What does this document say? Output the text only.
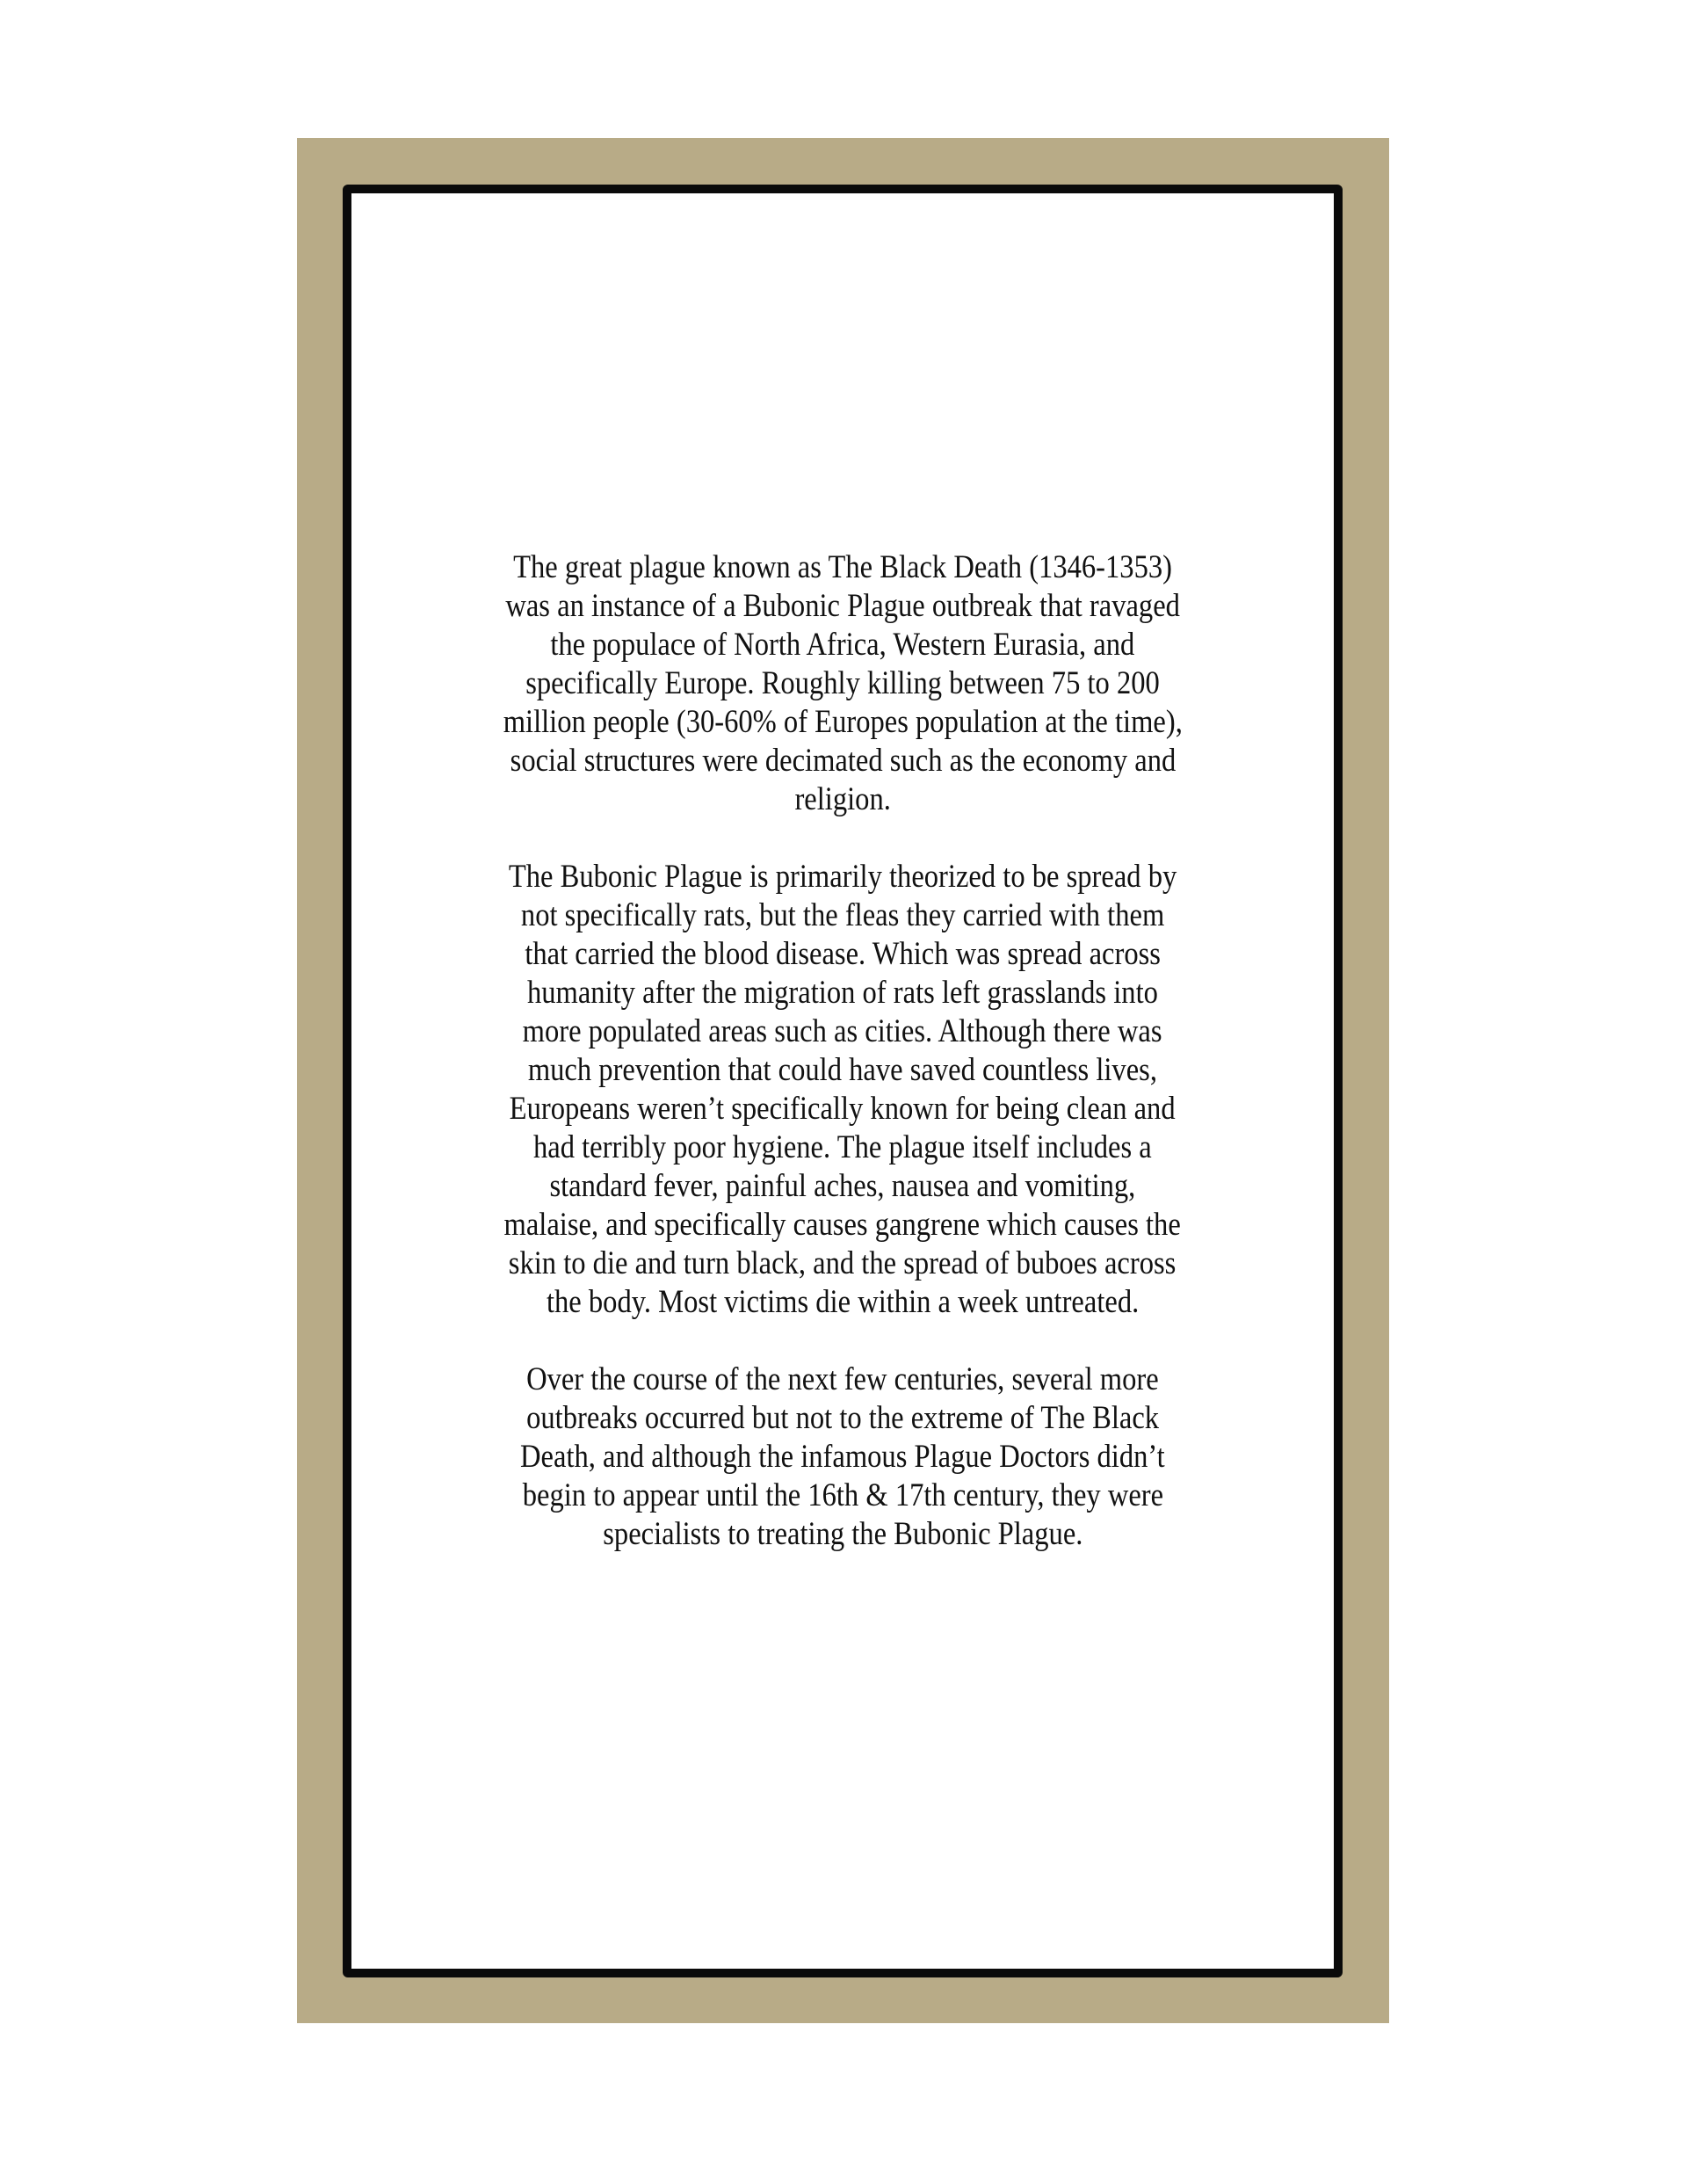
The great plague known as The Black Death (1346-1353)
was an instance of a Bubonic Plague outbreak that ravaged
the populace of North Africa, Western Eurasia, and
specifically Europe. Roughly killing between 75 to 200
million people (30-60% of Europes population at the time),
social structures were decimated such as the economy and
religion.

The Bubonic Plague is primarily theorized to be spread by
not specifically rats, but the fleas they carried with them
that carried the blood disease. Which was spread across
humanity after the migration of rats left grasslands into
more populated areas such as cities. Although there was
much prevention that could have saved countless lives,
Europeans weren’t specifically known for being clean and
had terribly poor hygiene. The plague itself includes a
standard fever, painful aches, nausea and vomiting,
malaise, and specifically causes gangrene which causes the
skin to die and turn black, and the spread of buboes across
the body. Most victims die within a week untreated.

Over the course of the next few centuries, several more
outbreaks occurred but not to the extreme of The Black
Death, and although the infamous Plague Doctors didn’t
begin to appear until the 16th & 17th century, they were
specialists to treating the Bubonic Plague.
